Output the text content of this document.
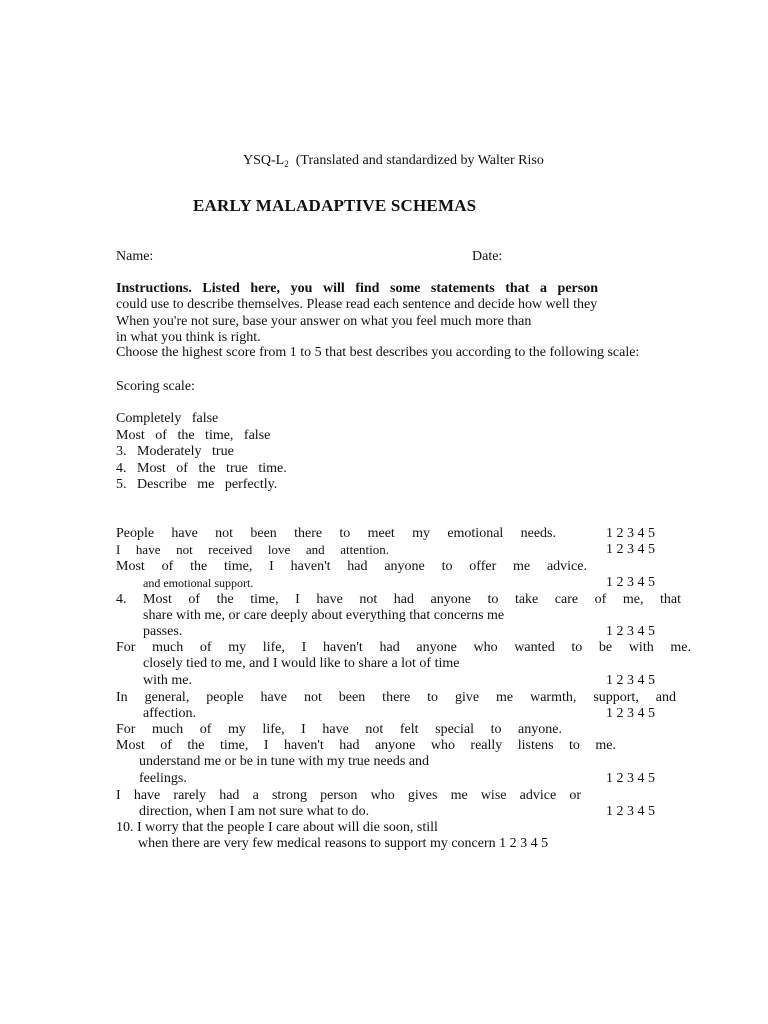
YSQ-$L_2$ (Translated and standardized by Walter Riso
EARLY MALADAPTIVE SCHEMAS
Name:	Date:
Instructions. Listed here, you will find some statements that a person
could use to describe themselves. Please read each sentence and decide how well they
When you're not sure, base your answer on what you feel much more than
in what you think is right.
Choose the highest score from 1 to 5 that best describes you according to the following scale:
Scoring scale:
Completely   false
Most   of   the   time,   false
3.   Moderately   true
4.   Most   of   the   true   time.
5.   Describe   me   perfectly.
People have not been there to meet my emotional needs.	1 2 3 4 5
I have not received love and attention.	1 2 3 4 5
Most of the time, I haven't had anyone to offer me advice.
and emotional support.	1 2 3 4 5
4. Most of the time, I have not had anyone to take care of me, that
share with me, or care deeply about everything that concerns me
passes.	1 2 3 4 5
For much of my life, I haven't had anyone who wanted to be with me.
closely tied to me, and I would like to share a lot of time
with me.	1 2 3 4 5
In general, people have not been there to give me warmth, support, and
affection.	1 2 3 4 5
For much of my life, I have not felt special to anyone.
Most of the time, I haven't had anyone who really listens to me.
understand me or be in tune with my true needs and
feelings.	1 2 3 4 5
I have rarely had a strong person who gives me wise advice or
direction, when I am not sure what to do.	1 2 3 4 5
10. I worry that the people I care about will die soon, still
when there are very few medical reasons to support my concern 1 2 3 4 5
